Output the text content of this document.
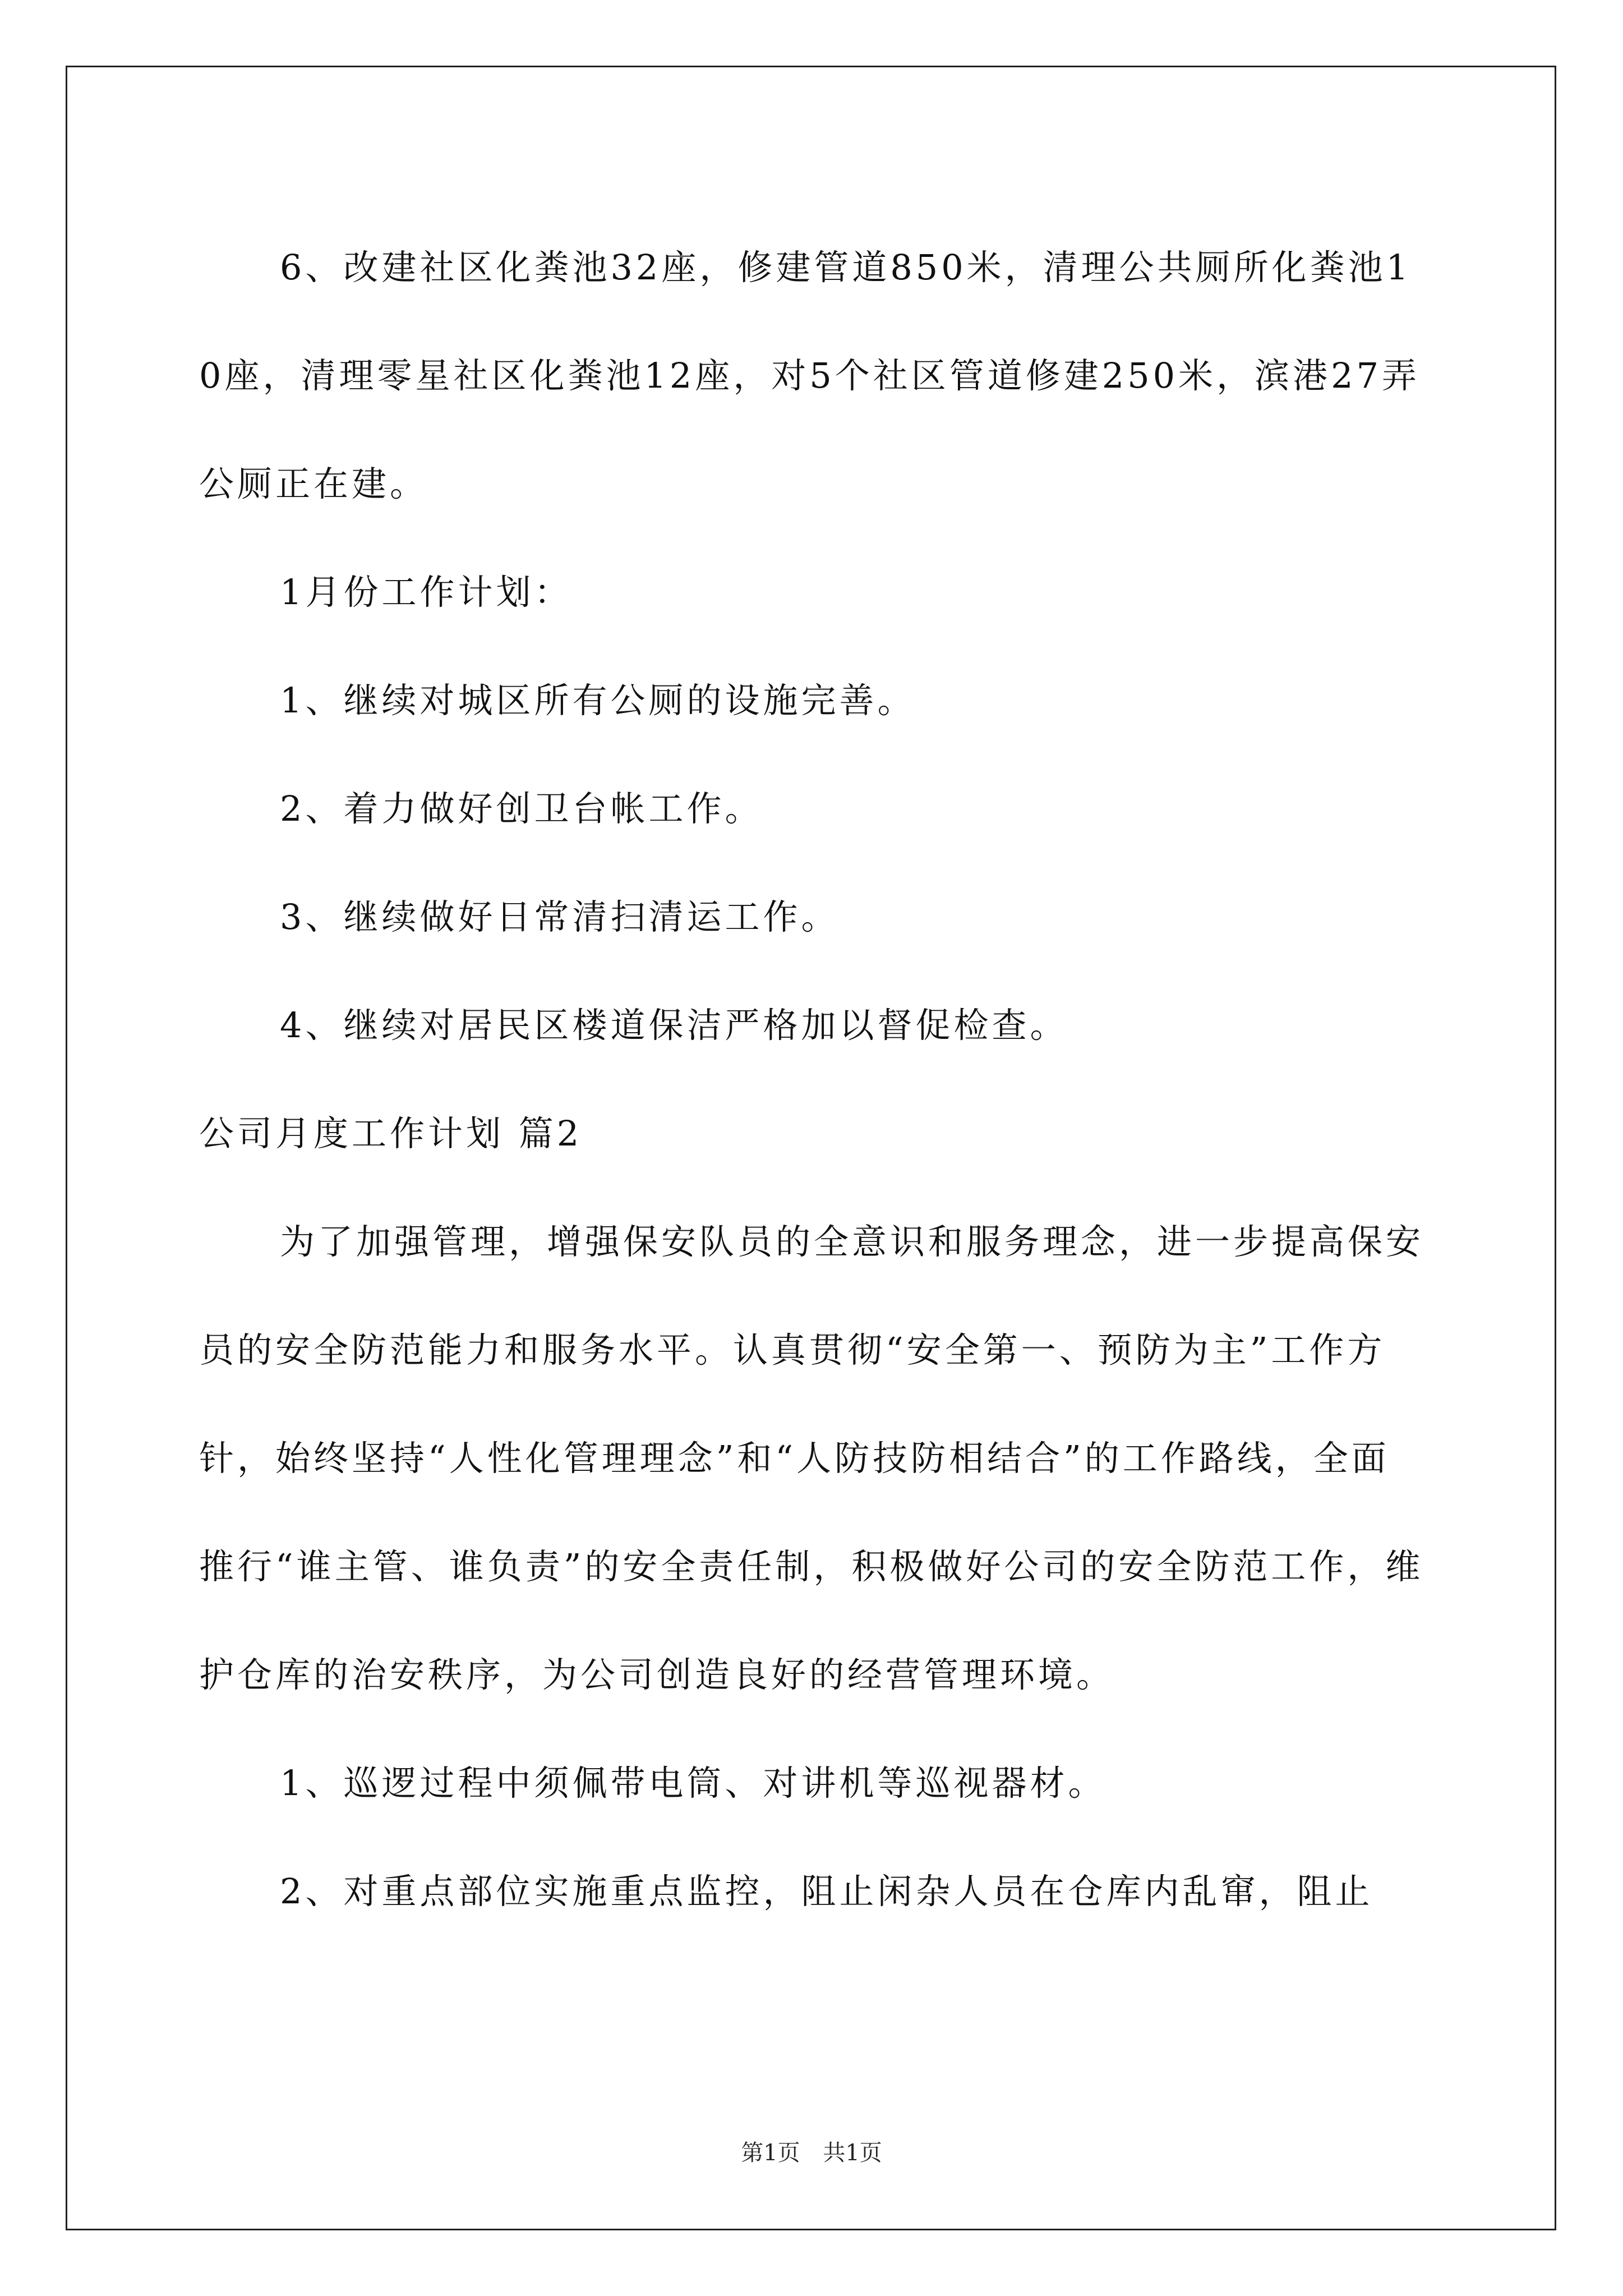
6、改建社区化粪池32座，修建管道850米，清理公共厕所化粪池10座，清理零星社区化粪池12座，对5个社区管道修建250米，滨港27弄公厕正在建。

1月份工作计划：

1、继续对城区所有公厕的设施完善。

2、着力做好创卫台帐工作。

3、继续做好日常清扫清运工作。

4、继续对居民区楼道保洁严格加以督促检查。

公司月度工作计划 篇2

为了加强管理，增强保安队员的全意识和服务理念，进一步提高保安员的安全防范能力和服务水平。认真贯彻“安全第一、预防为主”工作方针，始终坚持“人性化管理理念”和“人防技防相结合”的工作路线，全面推行“谁主管、谁负责”的安全责任制，积极做好公司的安全防范工作，维护仓库的治安秩序，为公司创造良好的经营管理环境。

1、巡逻过程中须佩带电筒、对讲机等巡视器材。

2、对重点部位实施重点监控，阻止闲杂人员在仓库内乱窜，阻止

第1页 共1页
